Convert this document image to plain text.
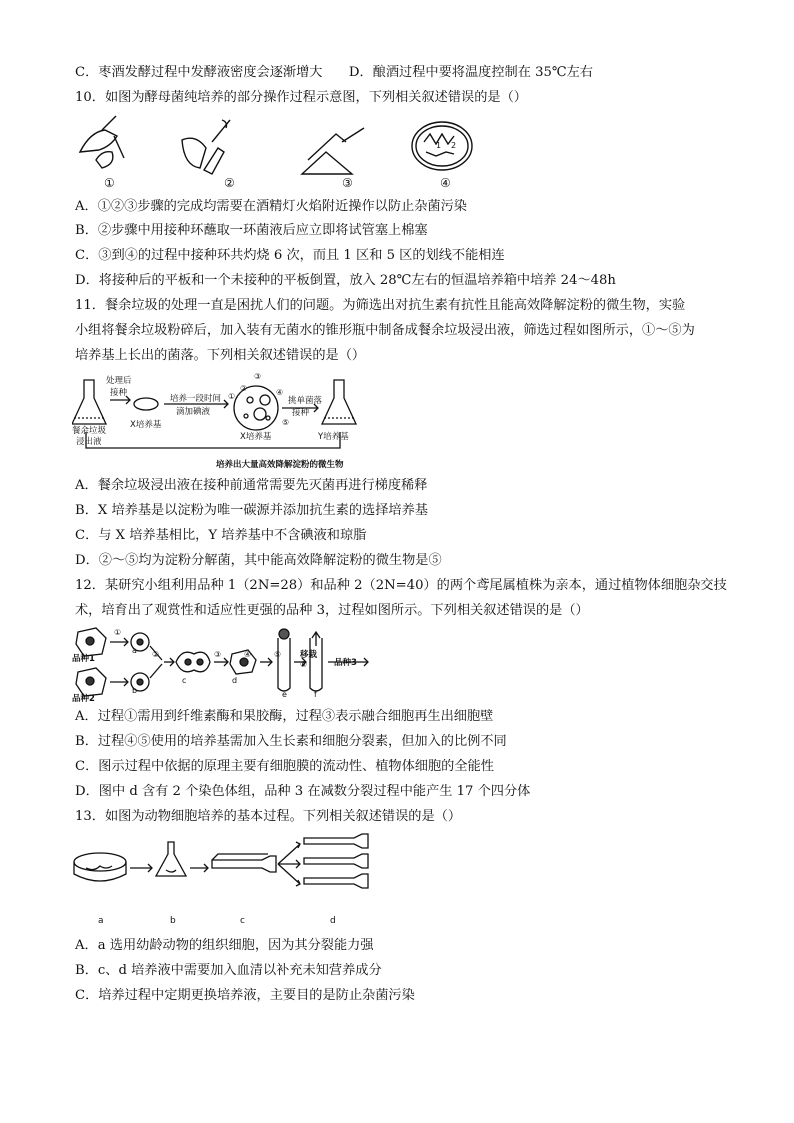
C．枣酒发酵过程中发酵液密度会逐渐增大 D．酿酒过程中要将温度控制在 35℃左右
10．如图为酵母菌纯培养的部分操作过程示意图，下列相关叙述错误的是（）
①	②	③	④
1 2
A．①②③步骤的完成均需要在酒精灯火焰附近操作以防止杂菌污染
B．②步骤中用接种环蘸取一环菌液后应立即将试管塞上棉塞
C．③到④的过程中接种环共灼烧 6 次，而且 1 区和 5 区的划线不能相连
D．将接种后的平板和一个未接种的平板倒置，放入 28℃左右的恒温培养箱中培养 24～48h
11．餐余垃圾的处理一直是困扰人们的问题。为筛选出对抗生素有抗性且能高效降解淀粉的微生物，实验
小组将餐余垃圾粉碎后，加入装有无菌水的锥形瓶中制备成餐余垃圾浸出液，筛选过程如图所示，①～⑤为
培养基上长出的菌落。下列相关叙述错误的是（）
处理后
接种
培养一段时间
滴加碘液
挑单菌落
接种
餐余垃圾
浸出液
X培养基
X培养基	Y培养基
培养出大量高效降解淀粉的微生物
①
②
③
④
⑤
A．餐余垃圾浸出液在接种前通常需要先灭菌再进行梯度稀释
B．X 培养基是以淀粉为唯一碳源并添加抗生素的选择培养基
C．与 X 培养基相比，Y 培养基中不含碘液和琼脂
D．②～⑤均为淀粉分解菌，其中能高效降解淀粉的微生物是⑤
12．某研究小组利用品种 1（2N=28）和品种 2（2N=40）的两个鸢尾属植株为亲本，通过植物体细胞杂交技
术，培育出了观赏性和适应性更强的品种 3，过程如图所示。下列相关叙述错误的是（）
品种1
品种2
品种3
移栽
①
②	③	④	⑤
⑥
a
b
c	d
e	f
A．过程①需用到纤维素酶和果胶酶，过程③表示融合细胞再生出细胞壁
B．过程④⑤使用的培养基需加入生长素和细胞分裂素，但加入的比例不同
C．图示过程中依据的原理主要有细胞膜的流动性、植物体细胞的全能性
D．图中 d 含有 2 个染色体组，品种 3 在减数分裂过程中能产生 17 个四分体
13．如图为动物细胞培养的基本过程。下列相关叙述错误的是（）
a	b	c	d
A．a 选用幼龄动物的组织细胞，因为其分裂能力强
B．c、d 培养液中需要加入血清以补充未知营养成分
C．培养过程中定期更换培养液，主要目的是防止杂菌污染
